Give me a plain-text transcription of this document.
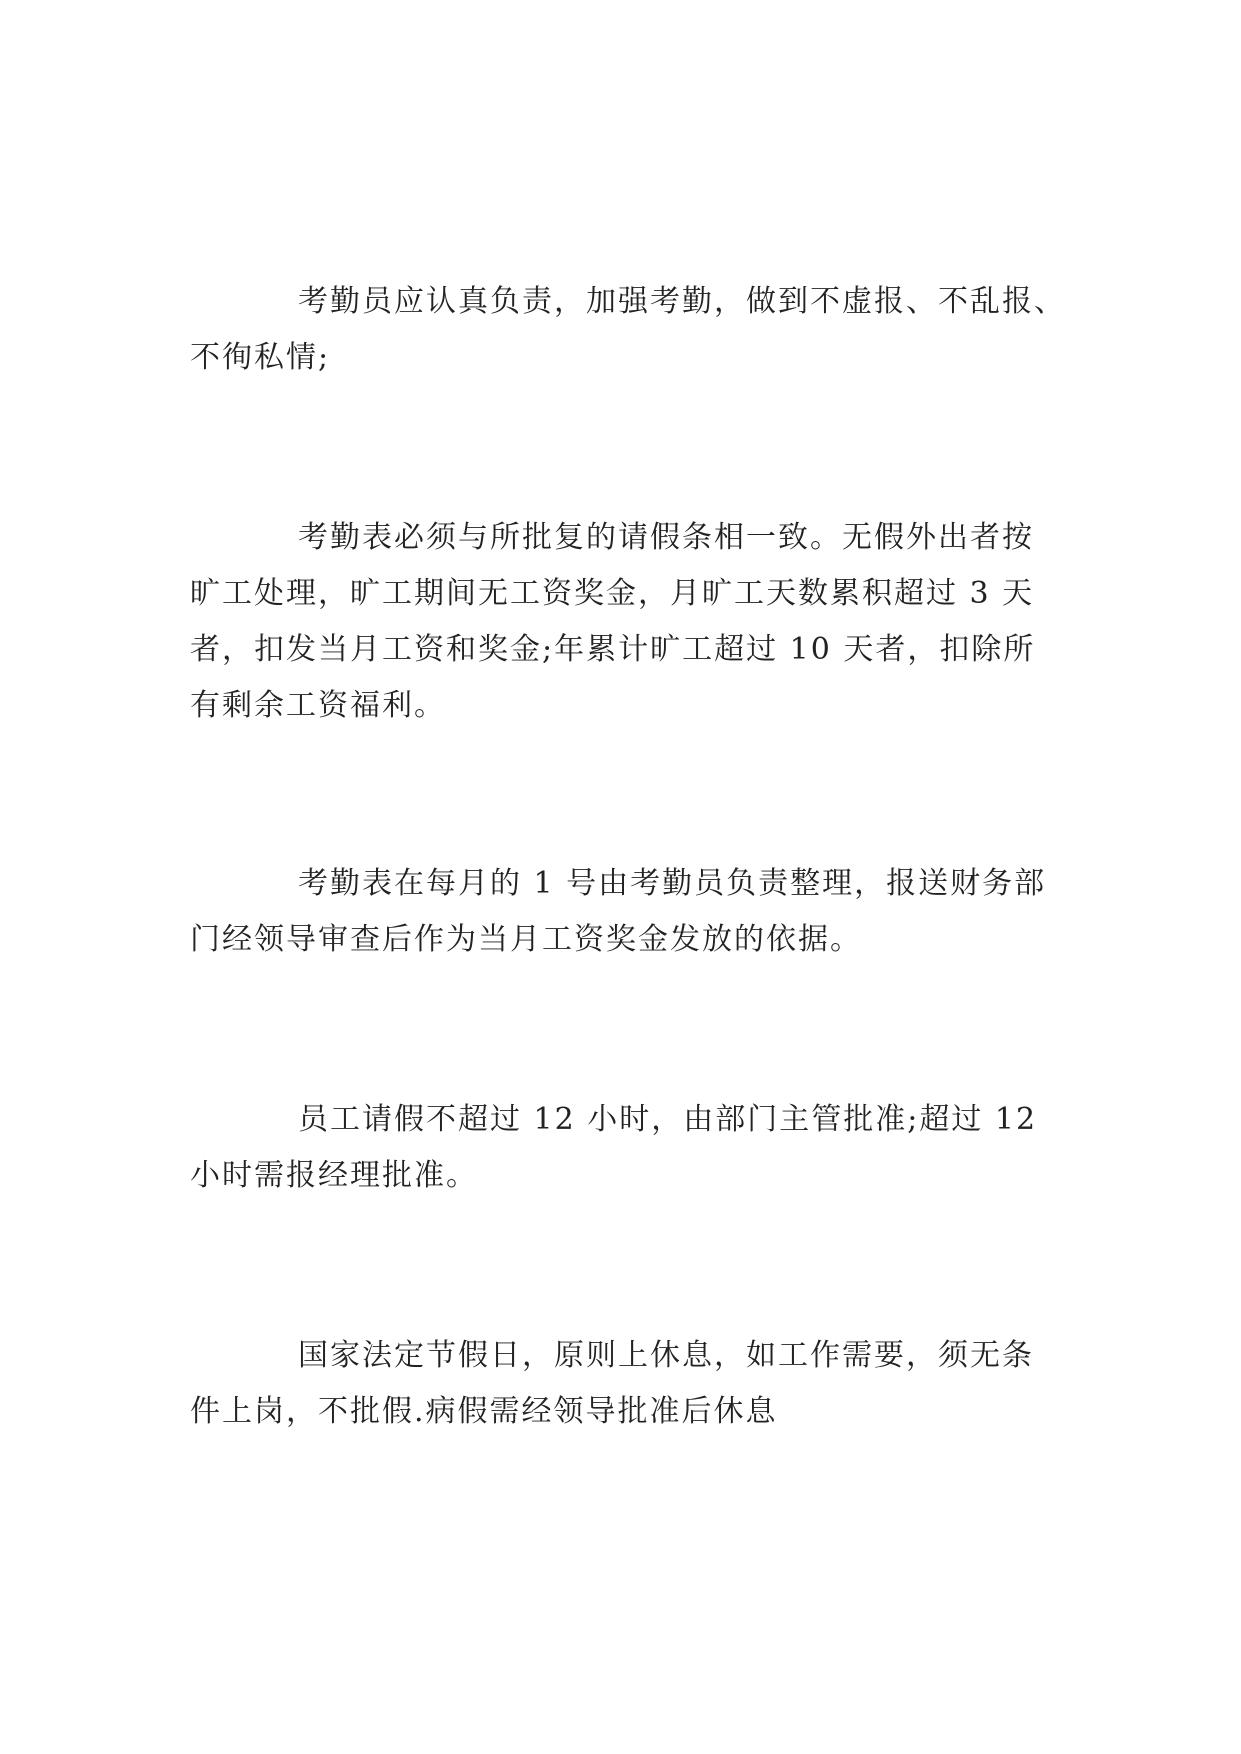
考勤员应认真负责，加强考勤，做到不虚报、不乱报、
不徇私情;

考勤表必须与所批复的请假条相一致。无假外出者按
旷工处理，旷工期间无工资奖金，月旷工天数累积超过 3 天
者，扣发当月工资和奖金;年累计旷工超过 10 天者，扣除所
有剩余工资福利。

考勤表在每月的 1 号由考勤员负责整理，报送财务部
门经领导审查后作为当月工资奖金发放的依据。

员工请假不超过 12 小时，由部门主管批准;超过 12
小时需报经理批准。

国家法定节假日，原则上休息，如工作需要，须无条
件上岗，不批假.病假需经领导批准后休息
